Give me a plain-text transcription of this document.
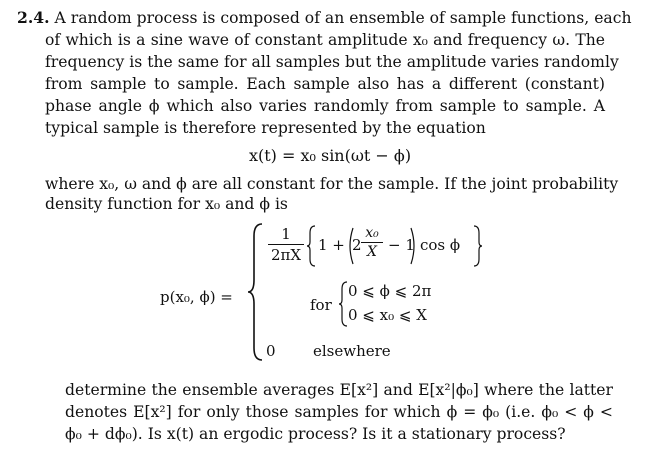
2.4. A random process is composed of an ensemble of sample functions, each
of which is a sine wave of constant amplitude x₀ and frequency ω. The
frequency is the same for all samples but the amplitude varies randomly
from sample to sample. Each sample also has a different (constant)
phase angle ϕ which also varies randomly from sample to sample. A
typical sample is therefore represented by the equation
x(t) = x₀ sin(ωt − ϕ)
where x₀, ω and ϕ are all constant for the sample. If the joint probability
density function for x₀ and ϕ is
p(x₀, ϕ) =
1
2πX
1 + 2
x₀
X − 1 cos ϕ
for
0 ⩽ ϕ ⩽ 2π
0 ⩽ x₀ ⩽ X
0 elsewhere
determine the ensemble averages E[x²] and E[x²|ϕ₀] where the latter
denotes E[x²] for only those samples for which ϕ = ϕ₀ (i.e. ϕ₀ < ϕ <
ϕ₀ + dϕ₀). Is x(t) an ergodic process? Is it a stationary process?
